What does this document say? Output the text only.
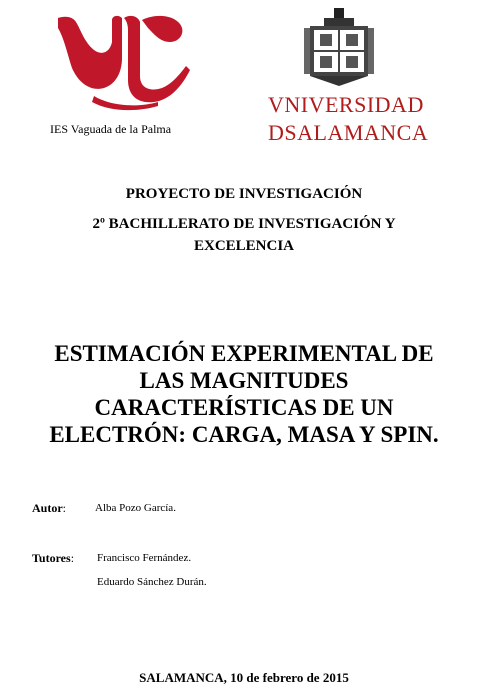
IES Vaguada de la Palma
VNIVERSIDAD
DSALAMANCA
PROYECTO DE INVESTIGACIÓN
2º BACHILLERATO DE INVESTIGACIÓN Y
EXCELENCIA
ESTIMACIÓN EXPERIMENTAL DE
LAS MAGNITUDES
CARACTERÍSTICAS DE UN
ELECTRÓN: CARGA, MASA Y SPIN.
Autor:	Alba Pozo García.
Tutores: Francisco Fernández.
Eduardo Sánchez Durán.
SALAMANCA, 10 de febrero de 2015
